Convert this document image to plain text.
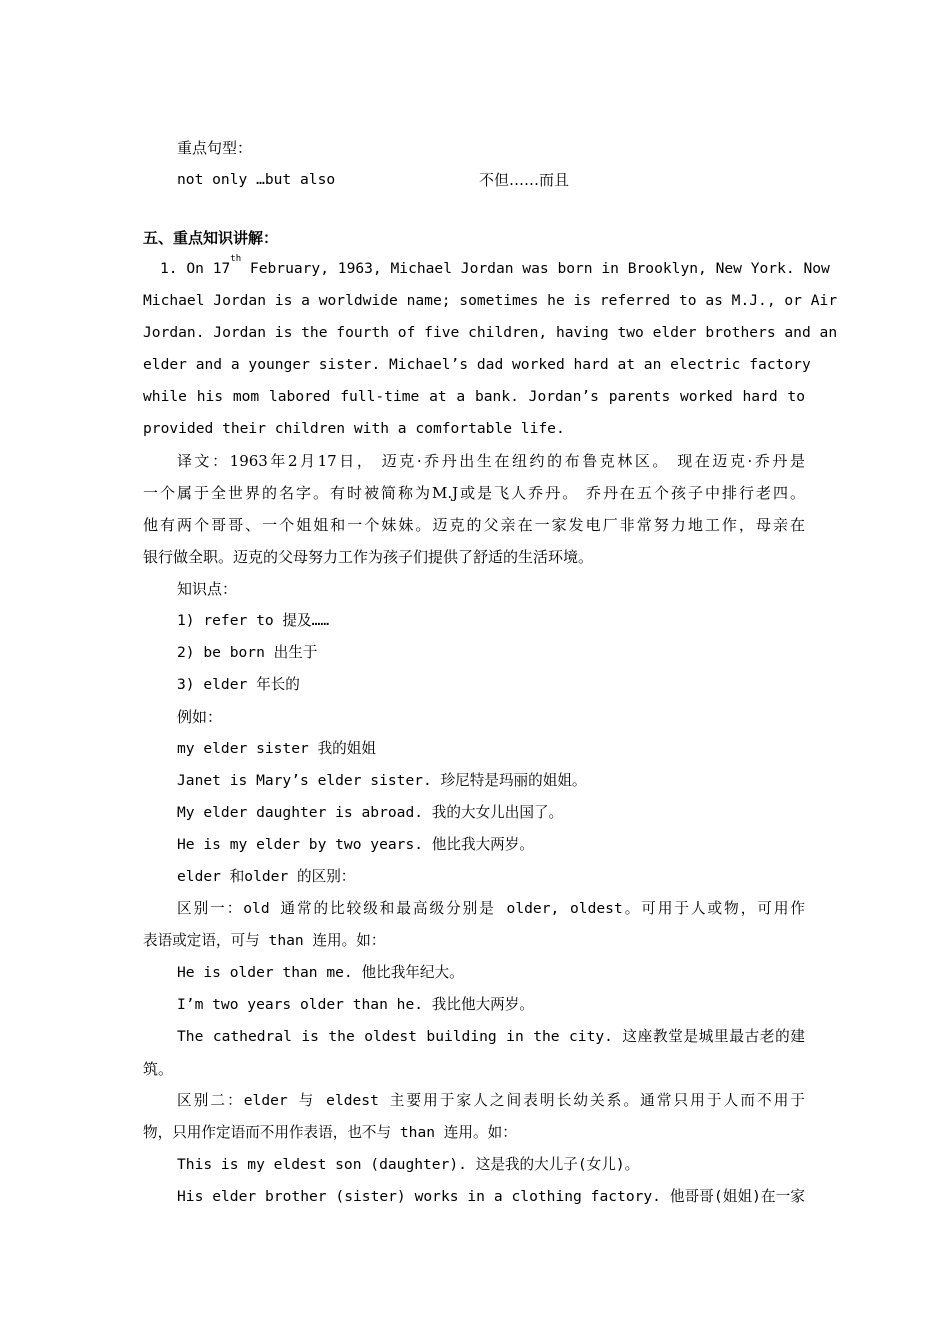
重点句型：
not only …but also	不但……而且
五、重点知识讲解：
1. On 17th February, 1963, Michael Jordan was born in Brooklyn, New York. Now
Michael Jordan is a worldwide name; sometimes he is referred to as M.J., or Air
Jordan. Jordan is the fourth of five children, having two elder brothers and an
elder and a younger sister. Michael’s dad worked hard at an electric factory
while his mom labored full-time at a bank. Jordan’s parents worked hard to
provided their children with a comfortable life.
译文：1963年2月17日， 迈克·乔丹出生在纽约的布鲁克林区。 现在迈克·乔丹是
一个属于全世界的名字。有时被简称为M.J或是飞人乔丹。 乔丹在五个孩子中排行老四。
他有两个哥哥、一个姐姐和一个妹妹。迈克的父亲在一家发电厂非常努力地工作，母亲在
银行做全职。迈克的父母努力工作为孩子们提供了舒适的生活环境。
知识点：
1) refer to 提及……
2) be born 出生于
3) elder 年长的
例如：
my elder sister 我的姐姐
Janet is Mary’s elder sister. 珍尼特是玛丽的姐姐。
My elder daughter is abroad. 我的大女儿出国了。
He is my elder by two years. 他比我大两岁。
elder 和older 的区别：
区别一：old 通常的比较级和最高级分别是 older, oldest。可用于人或物，可用作
表语或定语，可与 than 连用。如：
He is older than me. 他比我年纪大。
I’m two years older than he. 我比他大两岁。
The cathedral is the oldest building in the city. 这座教堂是城里最古老的建
筑。
区别二：elder 与 eldest 主要用于家人之间表明长幼关系。通常只用于人而不用于
物，只用作定语而不用作表语，也不与 than 连用。如：
This is my eldest son (daughter). 这是我的大儿子(女儿)。
His elder brother (sister) works in a clothing factory. 他哥哥(姐姐)在一家
